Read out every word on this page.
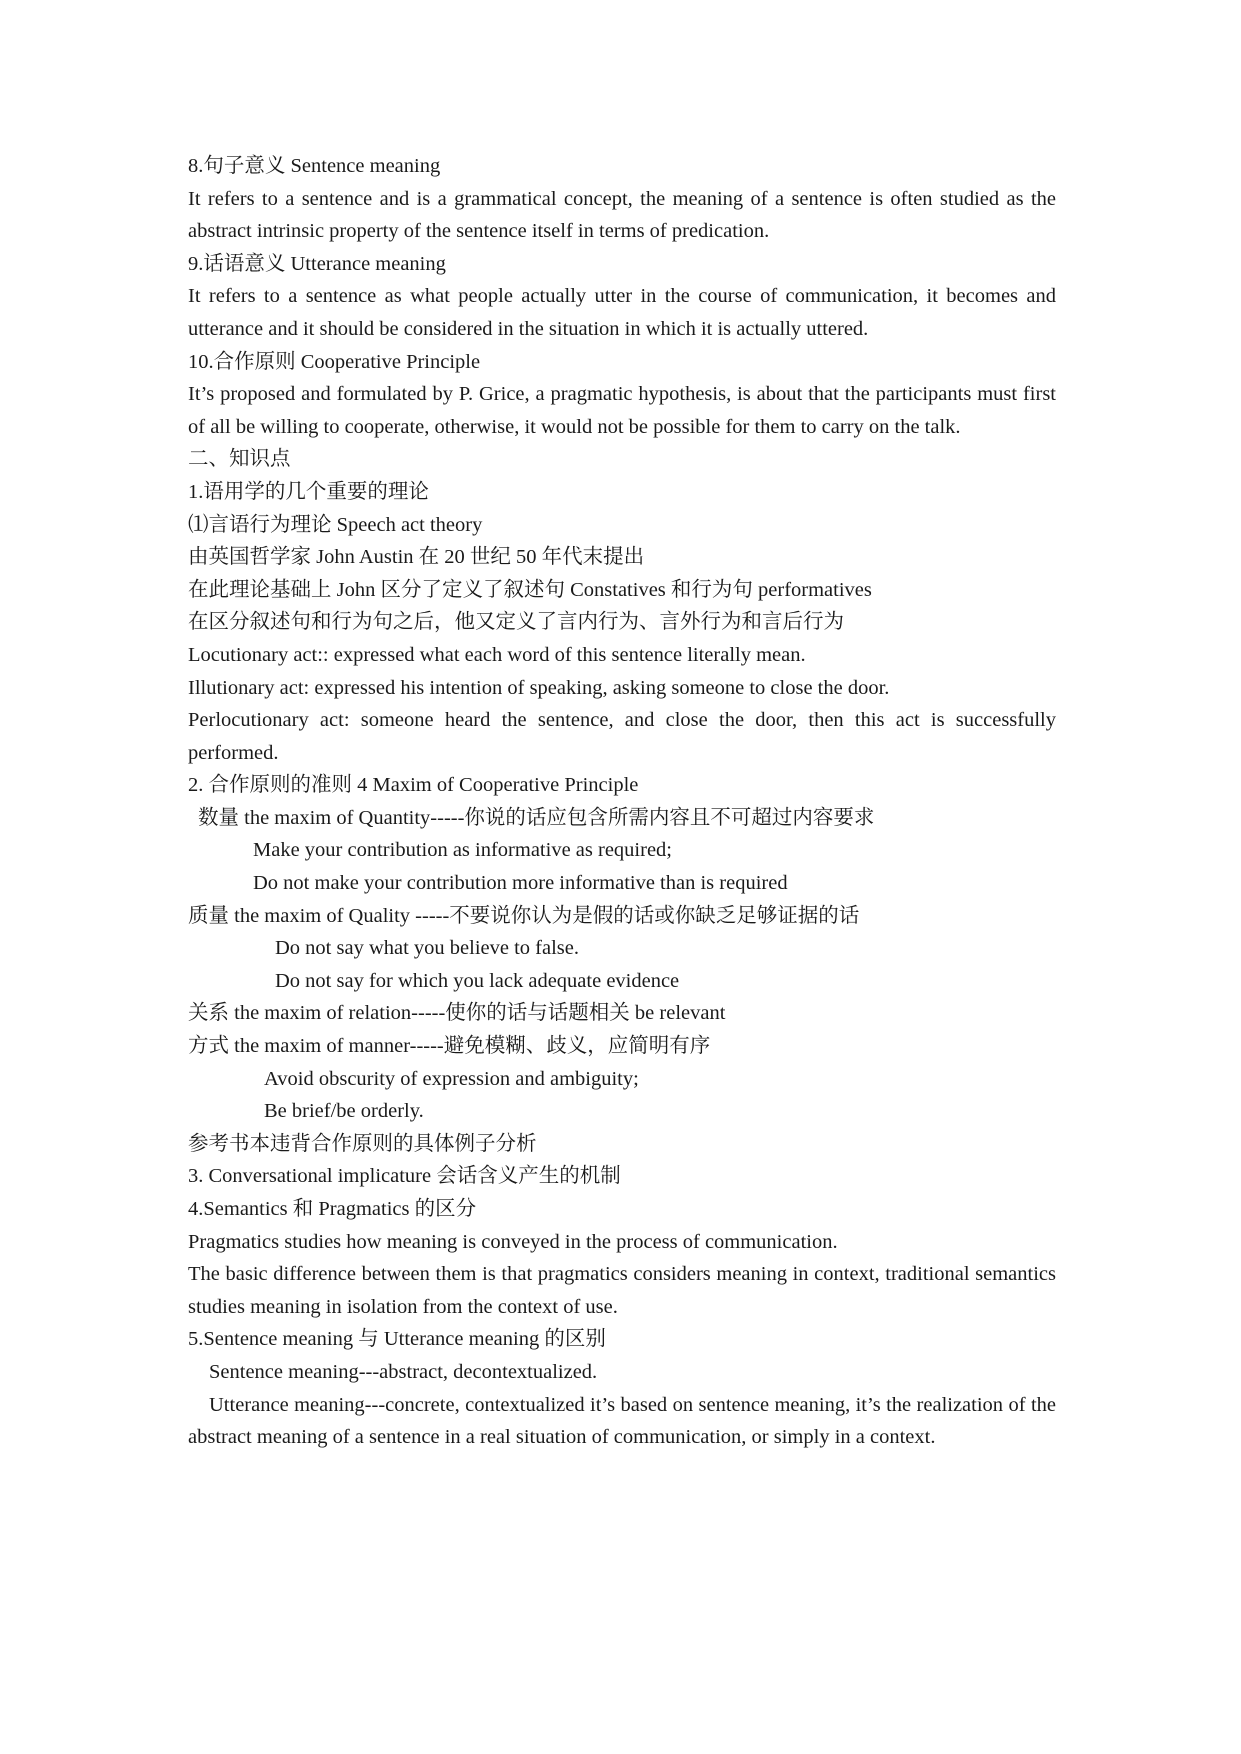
8.句子意义 Sentence meaning
It refers to a sentence and is a grammatical concept, the meaning of a sentence is often studied as the abstract intrinsic property of the sentence itself in terms of predication.
9.话语意义 Utterance meaning
It refers to a sentence as what people actually utter in the course of communication, it becomes and utterance and it should be considered in the situation in which it is actually uttered.
10.合作原则 Cooperative Principle
It’s proposed and formulated by P. Grice, a pragmatic hypothesis, is about that the participants must first of all be willing to cooperate, otherwise, it would not be possible for them to carry on the talk.
二、知识点
1.语用学的几个重要的理论
⑴言语行为理论 Speech act theory
由英国哲学家 John Austin 在 20 世纪 50 年代末提出
在此理论基础上 John 区分了定义了叙述句 Constatives 和行为句 performatives
在区分叙述句和行为句之后，他又定义了言内行为、言外行为和言后行为
Locutionary act:: expressed what each word of this sentence literally mean.
Illutionary act: expressed his intention of speaking, asking someone to close the door.
Perlocutionary act: someone heard the sentence, and close the door, then this act is successfully performed.
2. 合作原则的准则 4 Maxim of Cooperative Principle
数量 the maxim of Quantity-----你说的话应包含所需内容且不可超过内容要求
Make your contribution as informative as required;
Do not make your contribution more informative than is required
质量 the maxim of Quality -----不要说你认为是假的话或你缺乏足够证据的话
Do not say what you believe to false.
Do not say for which you lack adequate evidence
关系 the maxim of relation-----使你的话与话题相关 be relevant
方式 the maxim of manner-----避免模糊、歧义，应简明有序
Avoid obscurity of expression and ambiguity;
Be brief/be orderly.
参考书本违背合作原则的具体例子分析
3. Conversational implicature 会话含义产生的机制
4.Semantics 和 Pragmatics 的区分
Pragmatics studies how meaning is conveyed in the process of communication.
The basic difference between them is that pragmatics considers meaning in context, traditional semantics studies meaning in isolation from the context of use.
5.Sentence meaning 与 Utterance meaning 的区别
Sentence meaning---abstract, decontextualized.
Utterance meaning---concrete, contextualized it’s based on sentence meaning, it’s the realization of the abstract meaning of a sentence in a real situation of communication, or simply in a context.
